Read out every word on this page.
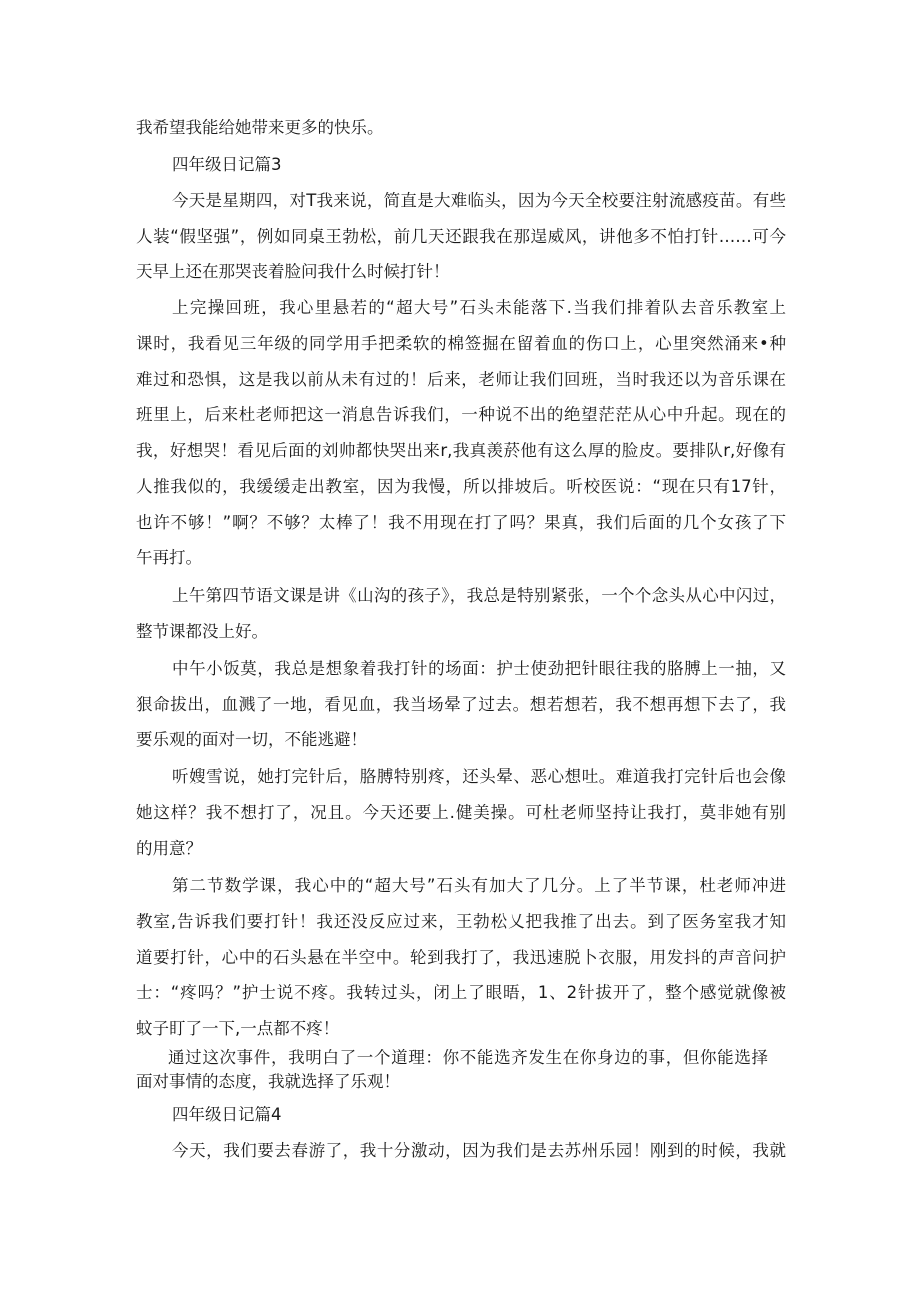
我希望我能给她带来更多的快乐。
四年级日记篇3
今天是星期四，对T我来说，简直是大难临头，因为今天全校要注射流感疫苗。有些
人装“假坚强”，例如同桌王勃松，前几天还跟我在那逞威风，讲他多不怕打针……可今
天早上还在那哭丧着脸问我什么时候打针！
上完操回班，我心里悬若的“超大号”石头未能落下.当我们排着队去音乐教室上
课时，我看见三年级的同学用手把柔软的棉签掘在留着血的伤口上，心里突然涌来•种
难过和恐惧，这是我以前从未有过的！后来，老师让我们回班，当时我还以为音乐课在
班里上，后来杜老师把这一消息告诉我们，一种说不出的绝望茫茫从心中升起。现在的
我，好想哭！看见后面的刘帅都快哭出来r,我真羡菸他有这么厚的脸皮。要排队r,好像有
人推我似的，我缓缓走出教室，因为我慢，所以排坡后。听校医说：“现在只有17针，
也许不够！”啊？不够？太棒了！我不用现在打了吗？果真，我们后面的几个女孩了下
午再打。
上午第四节语文课是讲《山沟的孩子》，我总是特别紧张，一个个念头从心中闪过，
整节课都没上好。
中午小饭莫，我总是想象着我打针的场面：护士使劲把针眼往我的胳膊上一抽，又
狠命拔出，血溅了一地，看见血，我当场晕了过去。想若想若，我不想再想下去了，我
要乐观的面对一切，不能逃避！
听嫂雪说，她打完针后，胳膊特别疼，还头晕、恶心想吐。难道我打完针后也会像
她这样？我不想打了，况且。今天还要上.健美操。可杜老师坚持让我打，莫非她有别
的用意？
第二节数学课，我心中的“超大号”石头有加大了几分。上了半节课，杜老师冲进
教室,告诉我们要打针！我还没反应过来，王勃松乂把我推了出去。到了医务室我才知
道要打针，心中的石头悬在半空中。轮到我打了，我迅速脱卜衣服，用发抖的声音问护
士：“疼吗？”护士说不疼。我转过头，闭上了眼晤，1、2针拔开了，整个感觉就像被
蚊子盯了一下,一点都不疼！
通过这次事件，我明白了一个道理：你不能选齐发生在你身边的事，但你能选择
面对事情的态度，我就选择了乐观！
四年级日记篇4
今天，我们要去春游了，我十分激动，因为我们是去苏州乐园！刚到的时候，我就
